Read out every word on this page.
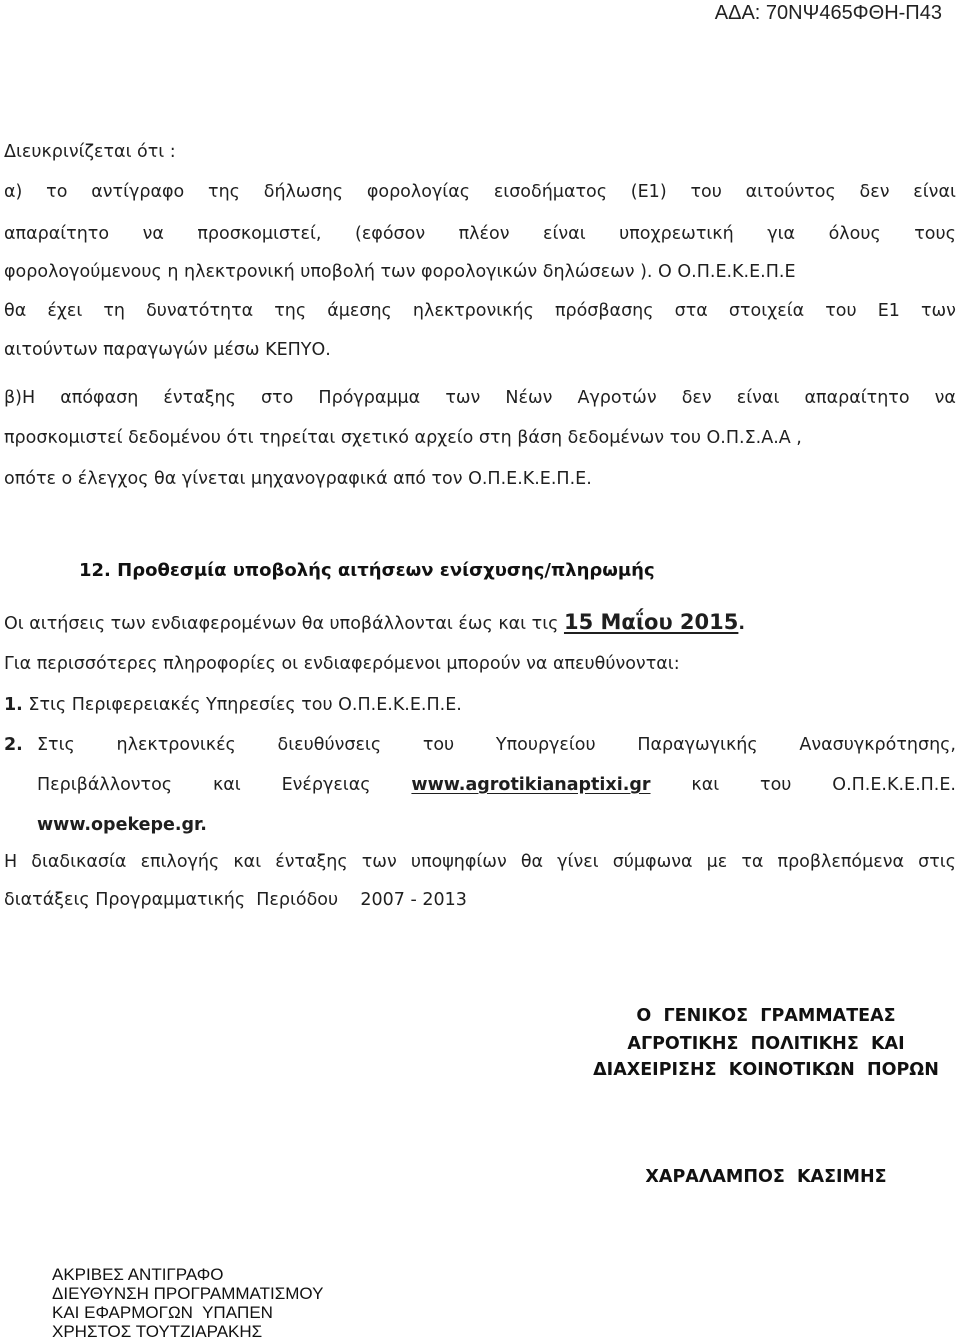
ΑΔΑ: 70ΝΨ465ΦΘΗ-Π43
Διευκρινίζεται ότι :
α) το αντίγραφο της δήλωσης φορολογίας εισοδήματος (Ε1) του αιτούντος δεν είναι
απαραίτητο να προσκομιστεί, (εφόσον πλέον είναι υποχρεωτική για όλους τους
φορολογούμενους η ηλεκτρονική υποβολή των φορολογικών δηλώσεων ). Ο Ο.Π.Ε.Κ.Ε.Π.Ε
θα έχει τη δυνατότητα της άμεσης ηλεκτρονικής πρόσβασης στα στοιχεία του Ε1 των
αιτούντων παραγωγών μέσω ΚΕΠΥΟ.
β)Η απόφαση ένταξης στο Πρόγραμμα των Νέων Αγροτών δεν είναι απαραίτητο να
προσκομιστεί δεδομένου ότι τηρείται σχετικό αρχείο στη βάση δεδομένων του Ο.Π.Σ.Α.Α ,
οπότε ο έλεγχος θα γίνεται μηχανογραφικά από τον Ο.Π.Ε.Κ.Ε.Π.Ε.
12. Προθεσμία υποβολής αιτήσεων ενίσχυσης/πληρωμής
Οι αιτήσεις των ενδιαφερομένων θα υποβάλλονται έως και τις 15 Μαΐου 2015.
Για περισσότερες πληροφορίες οι ενδιαφερόμενοι μπορούν να απευθύνονται:
1. Στις Περιφερειακές Υπηρεσίες του Ο.Π.Ε.Κ.Ε.Π.Ε.
2. Στις ηλεκτρονικές διευθύνσεις του Υπουργείου Παραγωγικής Ανασυγκρότησης,
Περιβάλλοντος και Ενέργειας www.agrotikianaptixi.gr και του Ο.Π.Ε.Κ.Ε.Π.Ε.
www.opekepe.gr.
Η διαδικασία επιλογής και ένταξης των υποψηφίων θα γίνει σύμφωνα με τα προβλεπόμενα στις
διατάξεις Προγραμματικής  Περιόδου    2007 - 2013
Ο  ΓΕΝΙΚΟΣ  ΓΡΑΜΜΑΤΕΑΣ
ΑΓΡΟΤΙΚΗΣ  ΠΟΛΙΤΙΚΗΣ  ΚΑΙ
ΔΙΑΧΕΙΡΙΣΗΣ  ΚΟΙΝΟΤΙΚΩΝ  ΠΟΡΩΝ
ΧΑΡΑΛΑΜΠΟΣ  ΚΑΣΙΜΗΣ
ΑΚΡΙΒΕΣ ΑΝΤΙΓΡΑΦΟ
ΔΙΕΥΘΥΝΣΗ ΠΡΟΓΡΑΜΜΑΤΙΣΜΟΥ
ΚΑΙ ΕΦΑΡΜΟΓΩΝ  ΥΠΑΠΕΝ
ΧΡΗΣΤΟΣ ΤΟΥΤΖΙΑΡΑΚΗΣ
